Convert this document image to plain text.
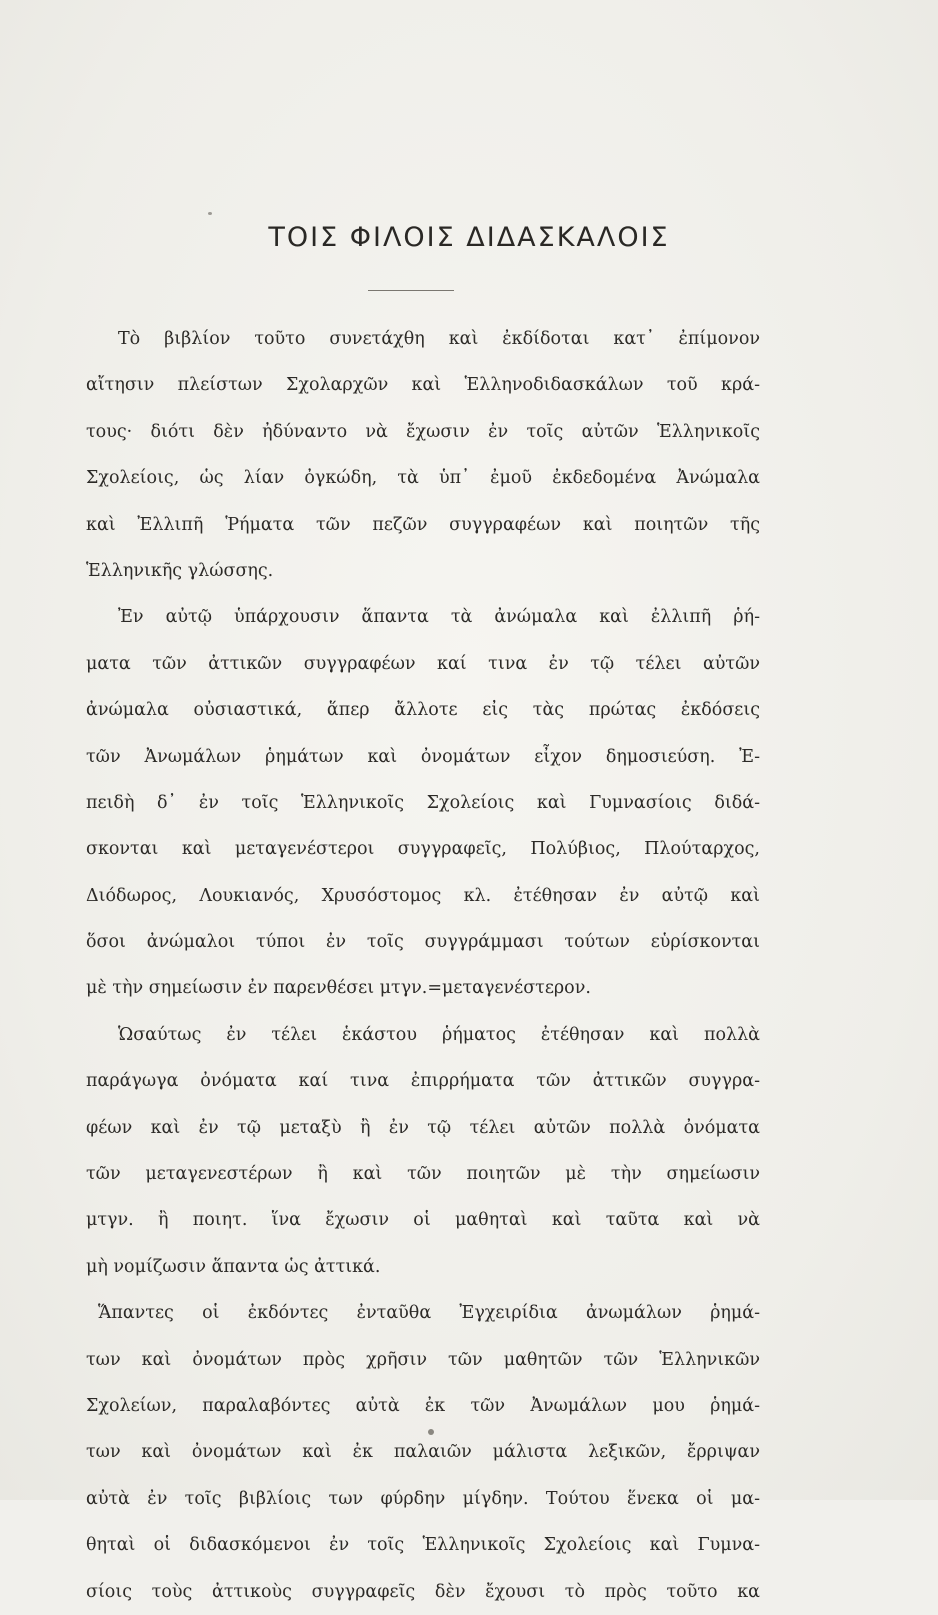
ΤΟΙΣ ΦΙΛΟΙΣ ΔΙΔΑΣΚΑΛΟΙΣ
Τὸ βιβλίον τοῦτο συνετάχθη καὶ ἐκδίδοται κατ᾽ ἐπίμονον
αἴτησιν πλείστων Σχολαρχῶν καὶ Ἑλληνοδιδασκάλων τοῦ κρά-
τους· διότι δὲν ἠδύναντο νὰ ἔχωσιν ἐν τοῖς αὐτῶν Ἑλληνικοῖς
Σχολείοις, ὡς λίαν ὀγκώδη, τὰ ὑπ᾽ ἐμοῦ ἐκδεδομένα Ἀνώμαλα
καὶ Ἐλλιπῆ Ῥήματα τῶν πεζῶν συγγραφέων καὶ ποιητῶν τῆς
Ἑλληνικῆς γλώσσης.
Ἐν αὐτῷ ὑπάρχουσιν ἅπαντα τὰ ἀνώμαλα καὶ ἐλλιπῆ ῥή-
ματα τῶν ἀττικῶν συγγραφέων καί τινα ἐν τῷ τέλει αὐτῶν
ἀνώμαλα οὐσιαστικά, ἅπερ ἄλλοτε εἰς τὰς πρώτας ἐκδόσεις
τῶν Ἀνωμάλων ῥημάτων καὶ ὀνομάτων εἶχον δημοσιεύση. Ἐ-
πειδὴ δ᾽ ἐν τοῖς Ἑλληνικοῖς Σχολείοις καὶ Γυμνασίοις διδά-
σκονται καὶ μεταγενέστεροι συγγραφεῖς, Πολύβιος, Πλούταρχος,
Διόδωρος, Λουκιανός, Χρυσόστομος κλ. ἐτέθησαν ἐν αὐτῷ καὶ
ὅσοι ἀνώμαλοι τύποι ἐν τοῖς συγγράμμασι τούτων εὑρίσκονται
μὲ τὴν σημείωσιν ἐν παρενθέσει μτγν.=μεταγενέστερον.
Ὡσαύτως ἐν τέλει ἑκάστου ῥήματος ἐτέθησαν καὶ πολλὰ
παράγωγα ὀνόματα καί τινα ἐπιρρήματα τῶν ἀττικῶν συγγρα-
φέων καὶ ἐν τῷ μεταξὺ ἢ ἐν τῷ τέλει αὐτῶν πολλὰ ὀνόματα
τῶν μεταγενεστέρων ἢ καὶ τῶν ποιητῶν μὲ τὴν σημείωσιν
μτγν. ἢ ποιητ. ἵνα ἔχωσιν οἱ μαθηταὶ καὶ ταῦτα καὶ νὰ
μὴ νομίζωσιν ἅπαντα ὡς ἀττικά.
Ἅπαντες οἱ ἐκδόντες ἐνταῦθα Ἐγχειρίδια ἀνωμάλων ῥημά-
των καὶ ὀνομάτων πρὸς χρῆσιν τῶν μαθητῶν τῶν Ἑλληνικῶν
Σχολείων, παραλαβόντες αὐτὰ ἐκ τῶν Ἀνωμάλων μου ῥημά-
των καὶ ὀνομάτων καὶ ἐκ παλαιῶν μάλιστα λεξικῶν, ἔρριψαν
αὐτὰ ἐν τοῖς βιβλίοις των φύρδην μίγδην. Τούτου ἕνεκα οἱ μα-
θηταὶ οἱ διδασκόμενοι ἐν τοῖς Ἑλληνικοῖς Σχολείοις καὶ Γυμνα-
σίοις τοὺς ἀττικοὺς συγγραφεῖς δὲν ἔχουσι τὸ πρὸς τοῦτο κα
